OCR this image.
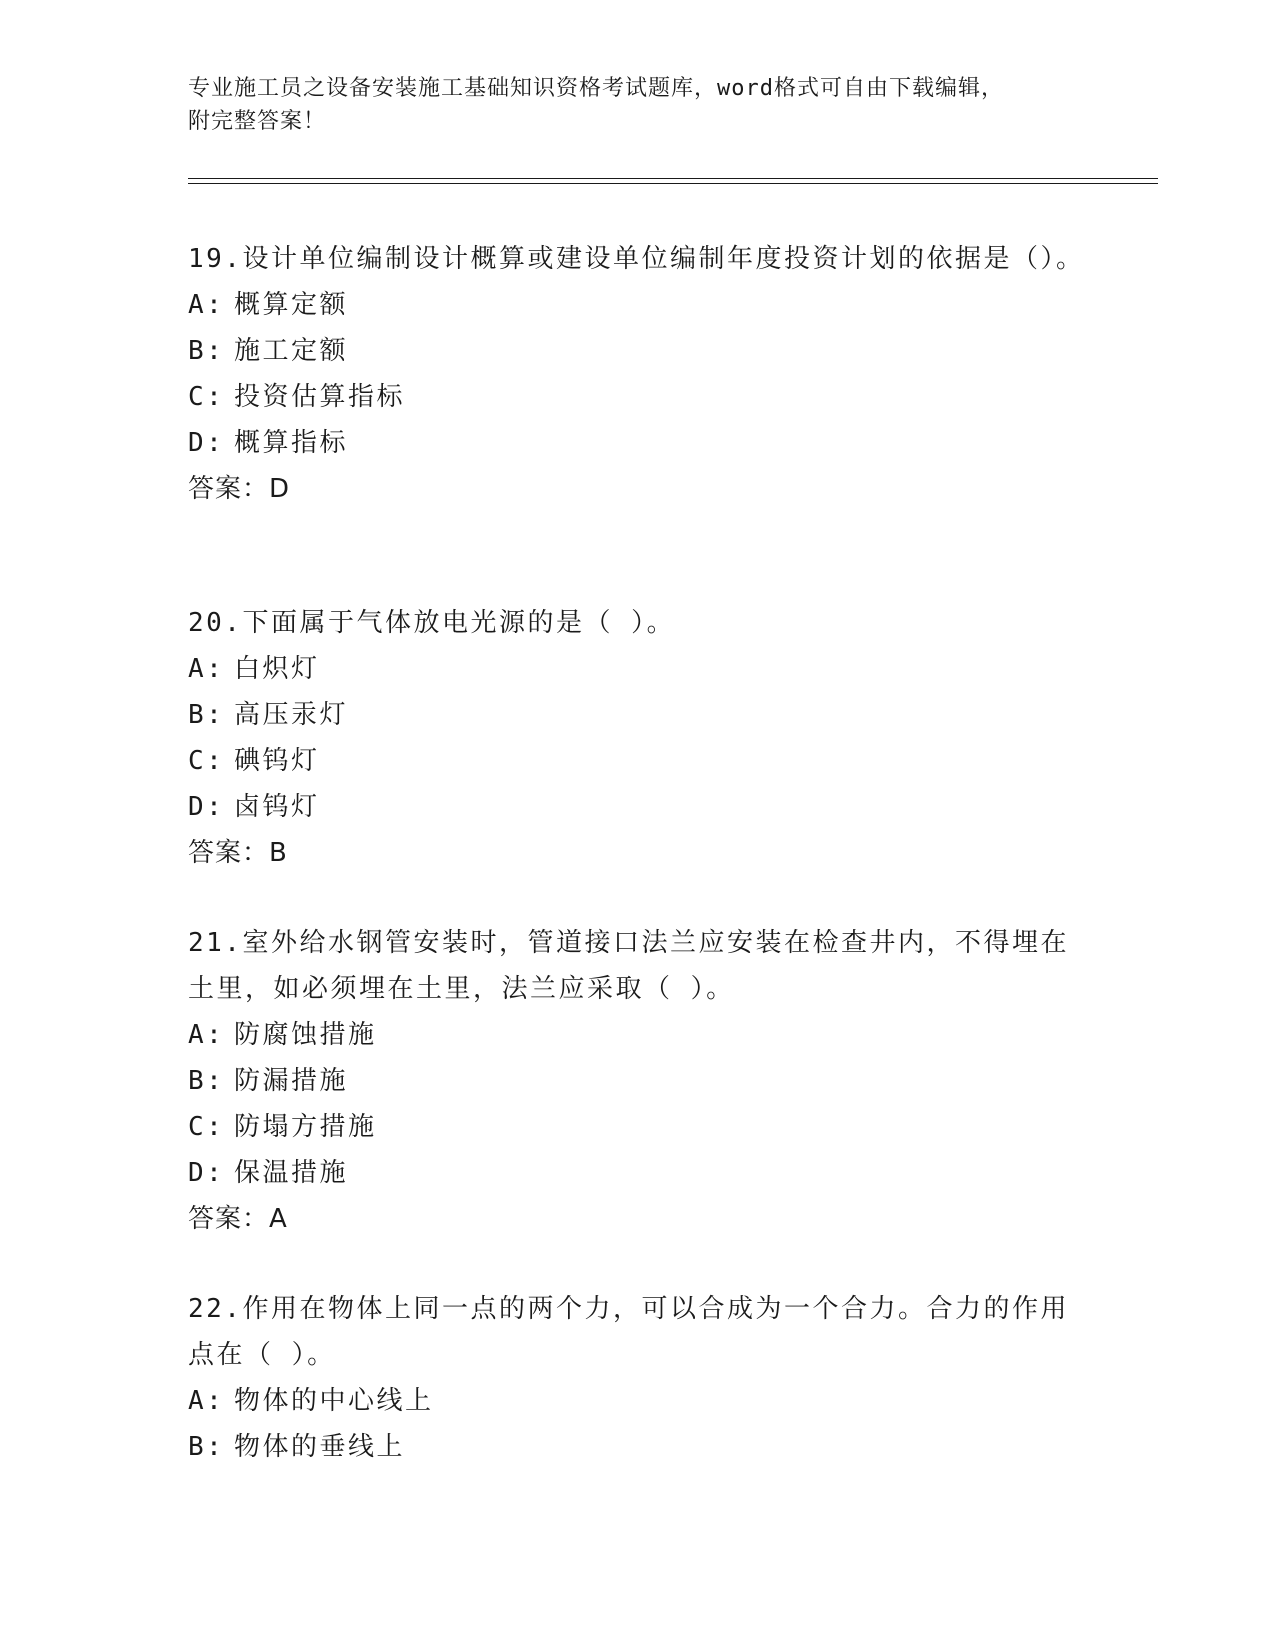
专业施工员之设备安装施工基础知识资格考试题库，word格式可自由下载编辑，
附完整答案！

19.设计单位编制设计概算或建设单位编制年度投资计划的依据是（）。

A: 概算定额
B: 施工定额
C: 投资估算指标
D: 概算指标
答案：D

20.下面属于气体放电光源的是（ ）。

A: 白炽灯
B: 高压汞灯
C: 碘钨灯
D: 卤钨灯
答案：B

21.室外给水钢管安装时，管道接口法兰应安装在检查井内，不得埋在土里，如必须埋在土里，法兰应采取（ ）。

A: 防腐蚀措施
B: 防漏措施
C: 防塌方措施
D: 保温措施
答案：A

22.作用在物体上同一点的两个力，可以合成为一个合力。合力的作用点在（ ）。

A: 物体的中心线上
B: 物体的垂线上
